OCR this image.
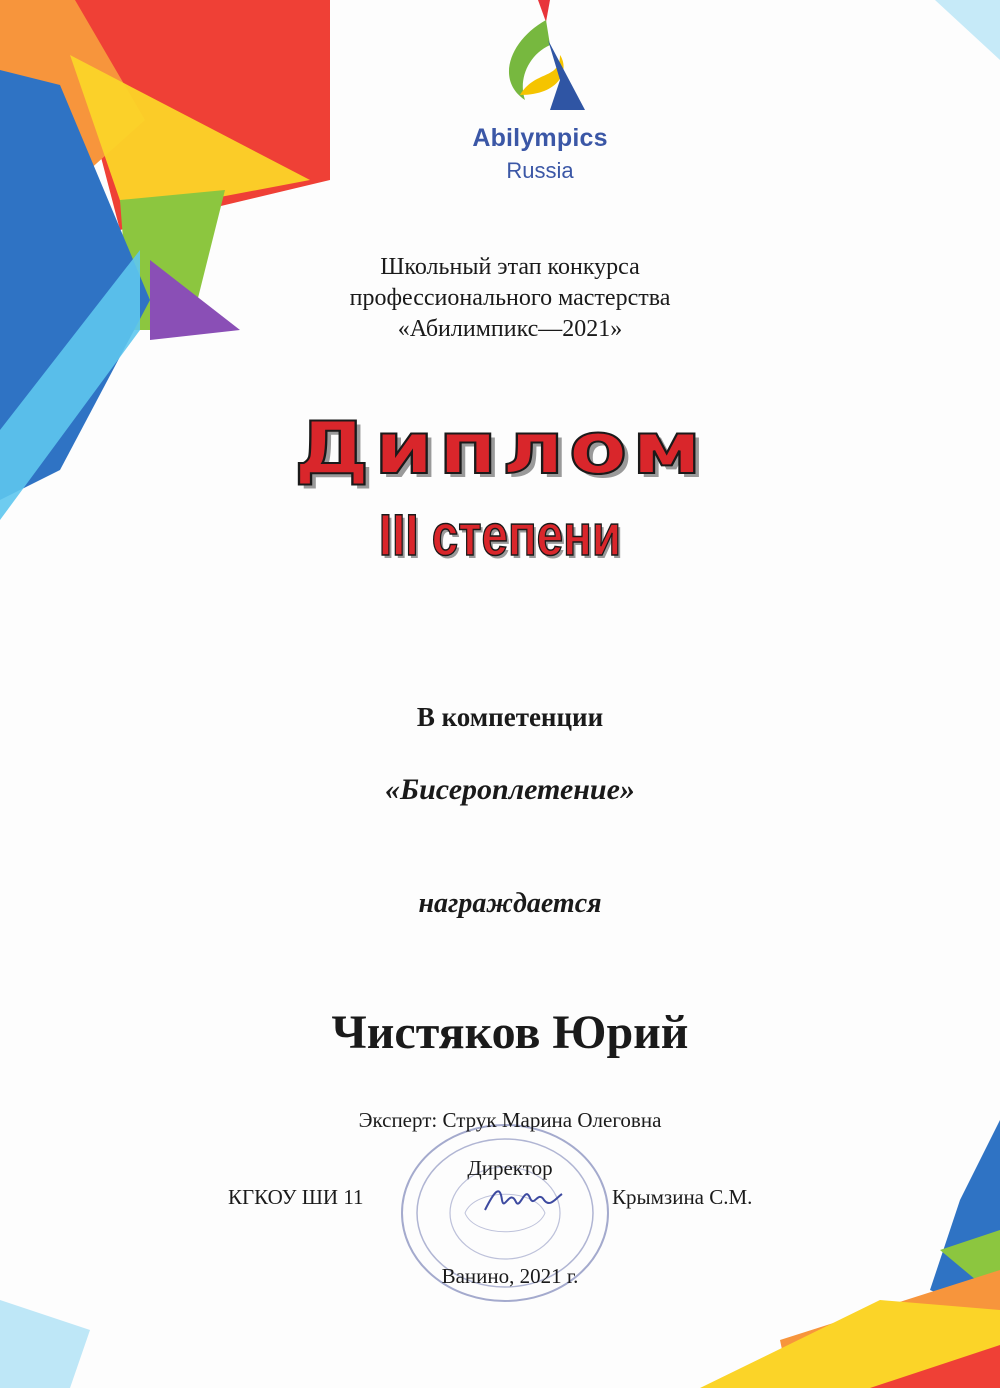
Abilympics
Russia
Школьный этап конкурса
профессионального мастерства
«Абилимпикс—2021»
Диплом
III степени
В компетенции
«Бисероплетение»
награждается
Чистяков Юрий
Эксперт: Струк Марина Олеговна
Директор
КГКОУ ШИ 11	Крымзина С.М.
Ванино, 2021 г.
